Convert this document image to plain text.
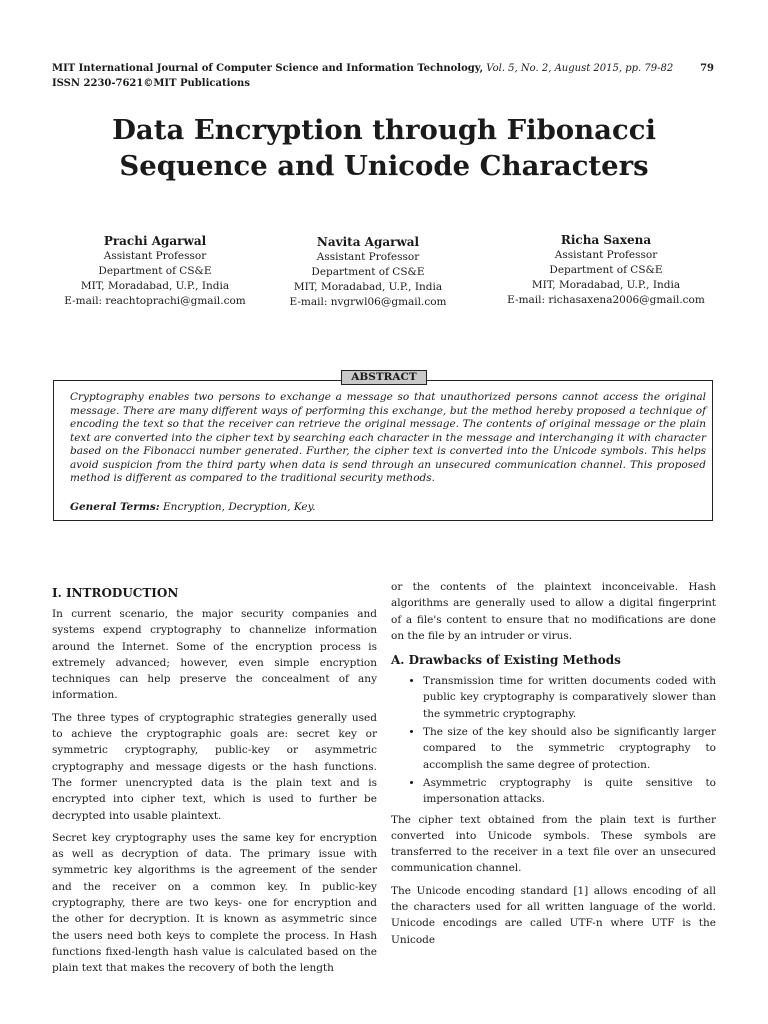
MIT International Journal of Computer Science and Information Technology, Vol. 5, No. 2, August 2015, pp. 79-82
ISSN 2230-7621©MIT Publications
79
Data Encryption through Fibonacci Sequence and Unicode Characters
Prachi Agarwal
Assistant Professor
Department of CS&E
MIT, Moradabad, U.P., India
E-mail: reachtoprachi@gmail.com
Navita Agarwal
Assistant Professor
Department of CS&E
MIT, Moradabad, U.P., India
E-mail: nvgrwl06@gmail.com
Richa Saxena
Assistant Professor
Department of CS&E
MIT, Moradabad, U.P., India
E-mail: richasaxena2006@gmail.com
ABSTRACT
Cryptography enables two persons to exchange a message so that unauthorized persons cannot access the original message. There are many different ways of performing this exchange, but the method hereby proposed a technique of encoding the text so that the receiver can retrieve the original message. The contents of original message or the plain text are converted into the cipher text by searching each character in the message and interchanging it with character based on the Fibonacci number generated. Further, the cipher text is converted into the Unicode symbols. This helps avoid suspicion from the third party when data is send through an unsecured communication channel. This proposed method is different as compared to the traditional security methods.
General Terms: Encryption, Decryption, Key.
I. INTRODUCTION

In current scenario, the major security companies and systems expend cryptography to channelize information around the Internet. Some of the encryption process is extremely advanced; however, even simple encryption techniques can help preserve the concealment of any information.

The three types of cryptographic strategies generally used to achieve the cryptographic goals are: secret key or symmetric cryptography, public-key or asymmetric cryptography and message digests or the hash functions. The former unencrypted data is the plain text and is encrypted into cipher text, which is used to further be decrypted into usable plaintext.

Secret key cryptography uses the same key for encryption as well as decryption of data. The primary issue with symmetric key algorithms is the agreement of the sender and the receiver on a common key. In public-key cryptography, there are two keys- one for encryption and the other for decryption. It is known as asymmetric since the users need both keys to complete the process. In Hash functions fixed-length hash value is calculated based on the plain text that makes the recovery of both the length

or the contents of the plaintext inconceivable. Hash algorithms are generally used to allow a digital fingerprint of a file's content to ensure that no modifications are done on the file by an intruder or virus.

A. Drawbacks of Existing Methods
• Transmission time for written documents coded with public key cryptography is comparatively slower than the symmetric cryptography.
• The size of the key should also be significantly larger compared to the symmetric cryptography to accomplish the same degree of protection.
• Asymmetric cryptography is quite sensitive to impersonation attacks.

The cipher text obtained from the plain text is further converted into Unicode symbols. These symbols are transferred to the receiver in a text file over an unsecured communication channel.

The Unicode encoding standard [1] allows encoding of all the characters used for all written language of the world. Unicode encodings are called UTF-n where UTF is the Unicode
